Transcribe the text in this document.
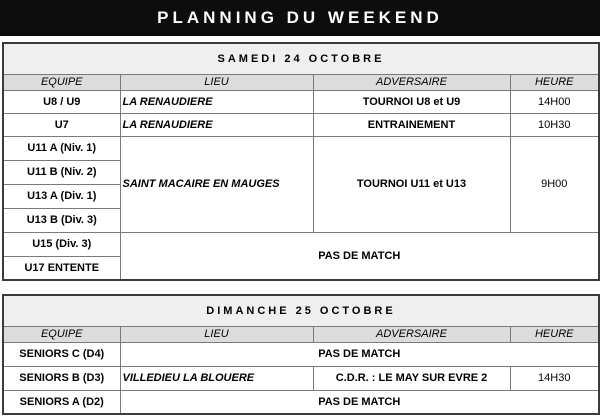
PLANNING DU WEEKEND
SAMEDI 24 OCTOBRE			
EQUIPE	LIEU	ADVERSAIRE	HEURE
U8 / U9	LA RENAUDIERE	TOURNOI U8 et U9	14H00
U7	LA RENAUDIERE	ENTRAINEMENT	10H30
U11 A (Niv. 1)	SAINT MACAIRE EN MAUGES	TOURNOI U11 et U13	9H00
U11 B (Niv. 2)			
U13 A (Div. 1)			
U13 B (Div. 3)			
U15 (Div. 3)	PAS DE MATCH		
U17 ENTENTE			
DIMANCHE 25 OCTOBRE			
EQUIPE	LIEU	ADVERSAIRE	HEURE
SENIORS C (D4)	PAS DE MATCH		
SENIORS B (D3)	VILLEDIEU LA BLOUERE	C.D.R. : LE MAY SUR EVRE 2	14H30
SENIORS A (D2)	PAS DE MATCH		
